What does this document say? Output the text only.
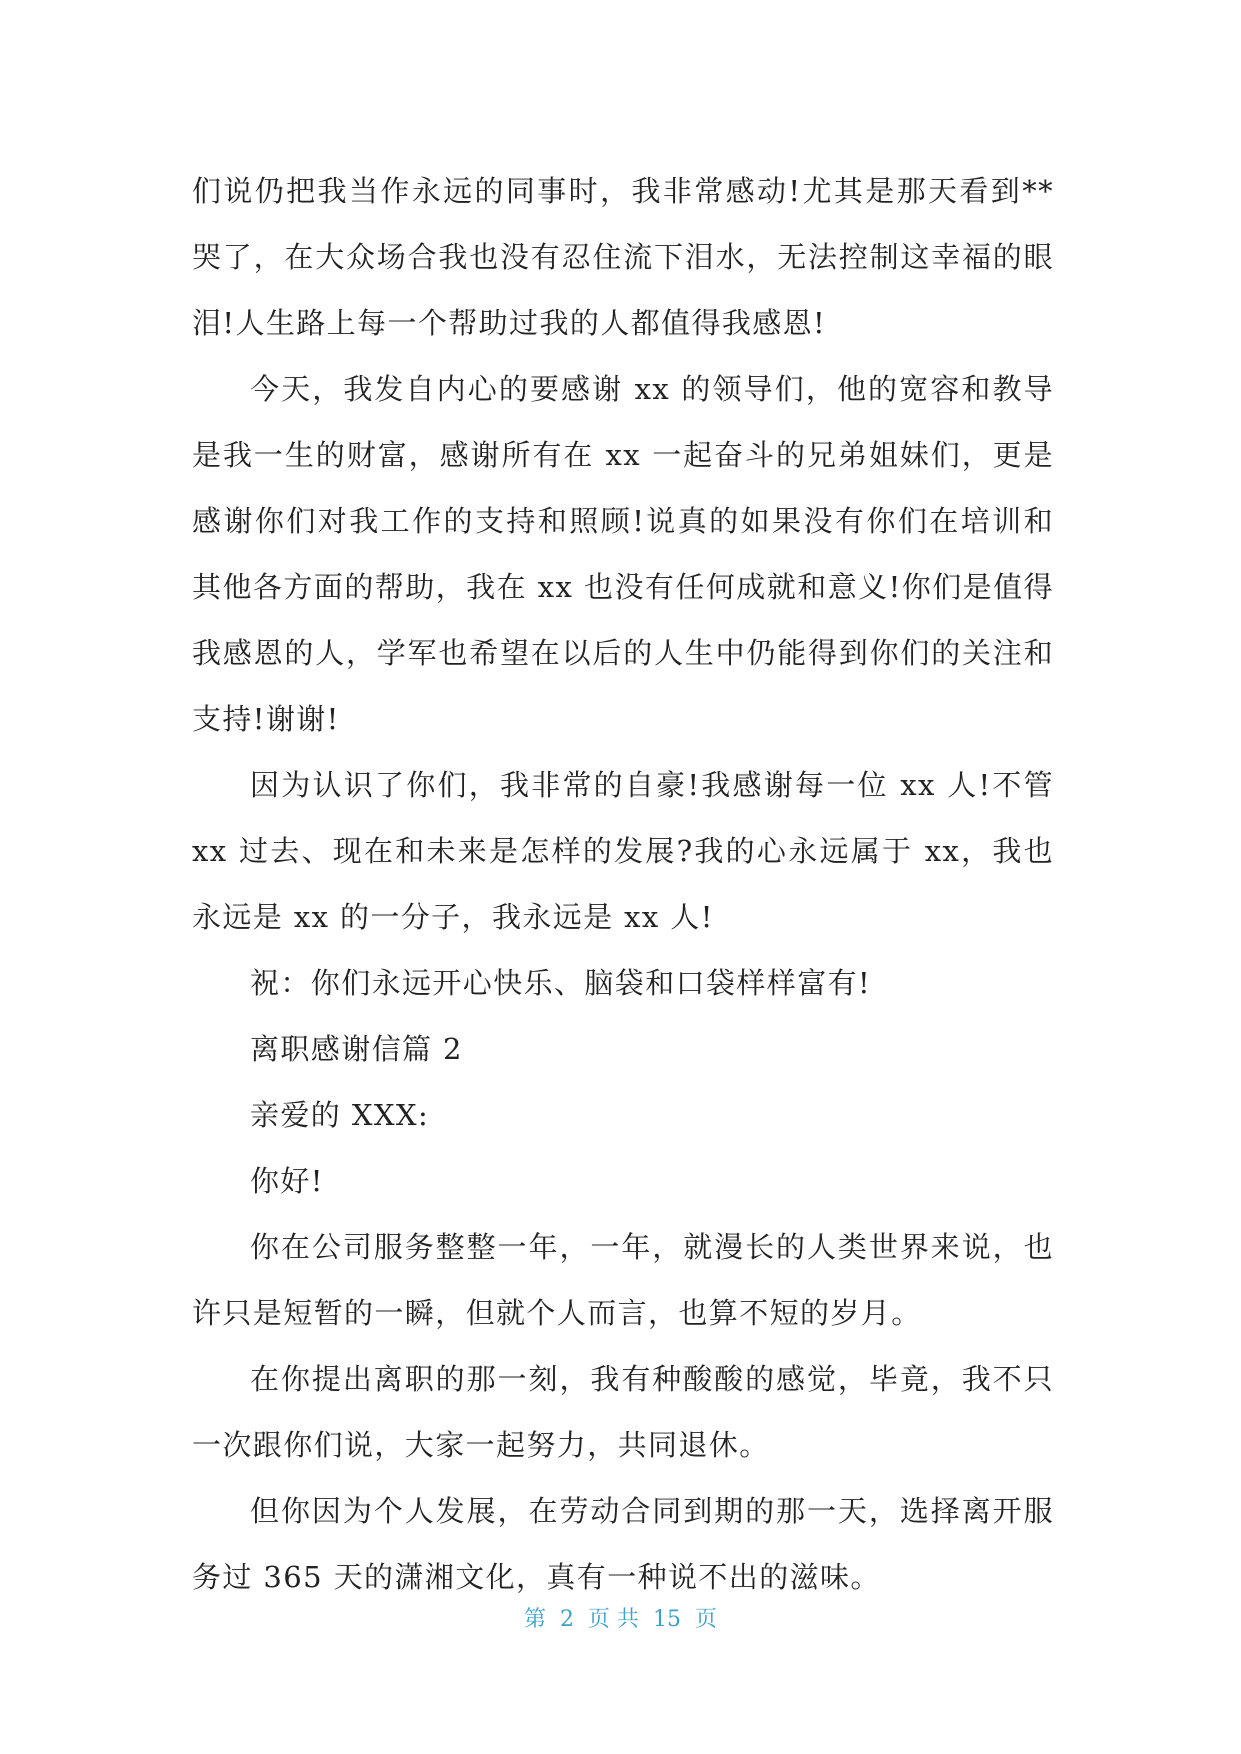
们说仍把我当作永远的同事时，我非常感动!尤其是那天看到**哭了，在大众场合我也没有忍住流下泪水，无法控制这幸福的眼泪!人生路上每一个帮助过我的人都值得我感恩!

今天，我发自内心的要感谢 xx 的领导们，他的宽容和教导是我一生的财富，感谢所有在 xx 一起奋斗的兄弟姐妹们，更是感谢你们对我工作的支持和照顾!说真的如果没有你们在培训和其他各方面的帮助，我在 xx 也没有任何成就和意义!你们是值得我感恩的人，学军也希望在以后的人生中仍能得到你们的关注和支持!谢谢!

因为认识了你们，我非常的自豪!我感谢每一位 xx 人!不管 xx 过去、现在和未来是怎样的发展?我的心永远属于 xx，我也永远是 xx 的一分子，我永远是 xx 人!

祝：你们永远开心快乐、脑袋和口袋样样富有!

离职感谢信篇 2

亲爱的 XXX:

你好!

你在公司服务整整一年，一年，就漫长的人类世界来说，也许只是短暂的一瞬，但就个人而言，也算不短的岁月。

在你提出离职的那一刻，我有种酸酸的感觉，毕竟，我不只一次跟你们说，大家一起努力，共同退休。

但你因为个人发展，在劳动合同到期的那一天，选择离开服务过 365 天的潇湘文化，真有一种说不出的滋味。

第  2  页 共  15  页
